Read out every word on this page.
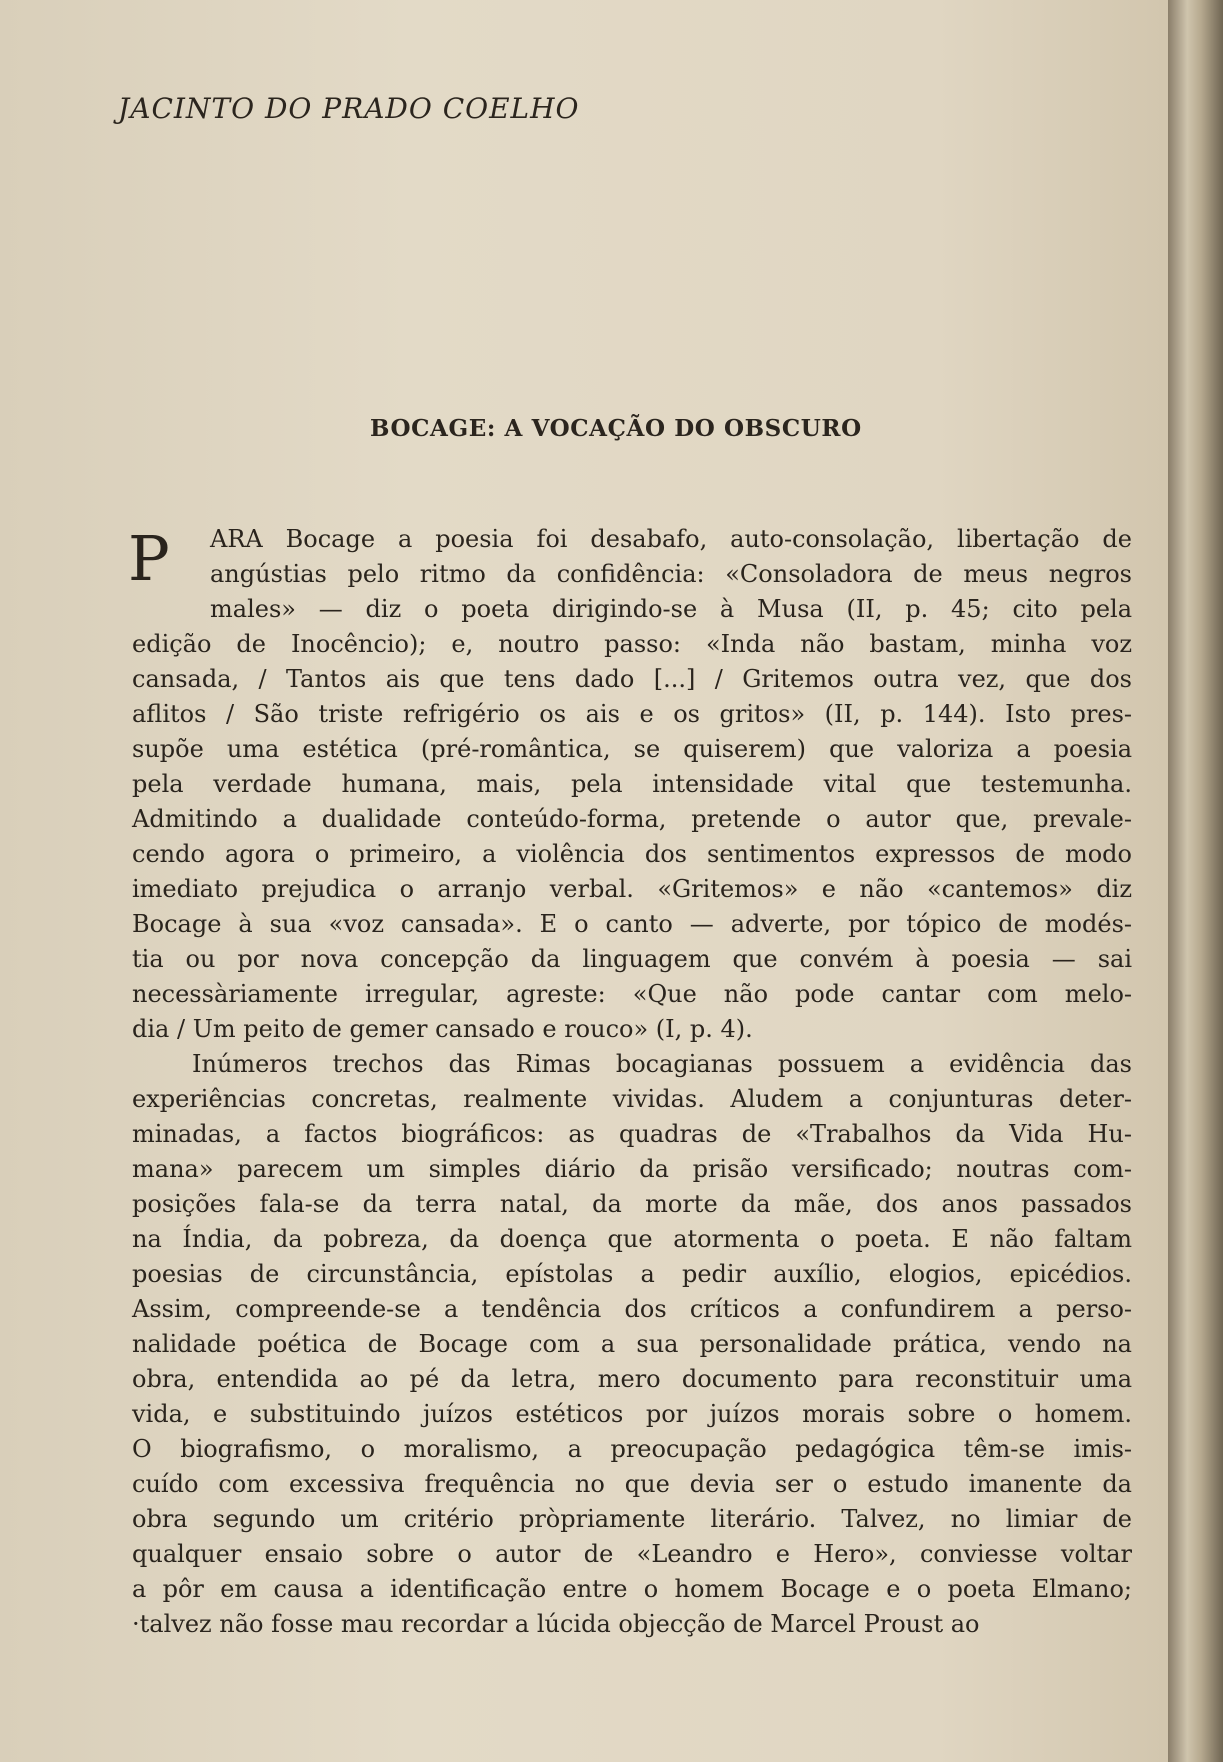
JACINTO DO PRADO COELHO
BOCAGE: A VOCAÇÃO DO OBSCURO
P	ARA Bocage a poesia foi desabafo, auto-consolação, libertação de
angústias pelo ritmo da confidência: «Consoladora de meus negros
males» — diz o poeta dirigindo-se à Musa (II, p. 45; cito pela
edição de Inocêncio); e, noutro passo: «Inda não bastam, minha voz
cansada, / Tantos ais que tens dado [...] / Gritemos outra vez, que dos
aflitos / São triste refrigério os ais e os gritos» (II, p. 144). Isto pres-
supõe uma estética (pré-romântica, se quiserem) que valoriza a poesia
pela verdade humana, mais, pela intensidade vital que testemunha.
Admitindo a dualidade conteúdo-forma, pretende o autor que, prevale-
cendo agora o primeiro, a violência dos sentimentos expressos de modo
imediato prejudica o arranjo verbal. «Gritemos» e não «cantemos» diz
Bocage à sua «voz cansada». E o canto — adverte, por tópico de modés-
tia ou por nova concepção da linguagem que convém à poesia — sai
necessàriamente irregular, agreste: «Que não pode cantar com melo-
dia / Um peito de gemer cansado e rouco» (I, p. 4).
Inúmeros trechos das Rimas bocagianas possuem a evidência das
experiências concretas, realmente vividas. Aludem a conjunturas deter-
minadas, a factos biográficos: as quadras de «Trabalhos da Vida Hu-
mana» parecem um simples diário da prisão versificado; noutras com-
posições fala-se da terra natal, da morte da mãe, dos anos passados
na Índia, da pobreza, da doença que atormenta o poeta. E não faltam
poesias de circunstância, epístolas a pedir auxílio, elogios, epicédios.
Assim, compreende-se a tendência dos críticos a confundirem a perso-
nalidade poética de Bocage com a sua personalidade prática, vendo na
obra, entendida ao pé da letra, mero documento para reconstituir uma
vida, e substituindo juízos estéticos por juízos morais sobre o homem.
O biografismo, o moralismo, a preocupação pedagógica têm-se imis-
cuído com excessiva frequência no que devia ser o estudo imanente da
obra segundo um critério pròpriamente literário. Talvez, no limiar de
qualquer ensaio sobre o autor de «Leandro e Hero», conviesse voltar
a pôr em causa a identificação entre o homem Bocage e o poeta Elmano;
·talvez não fosse mau recordar a lúcida objecção de Marcel Proust ao
